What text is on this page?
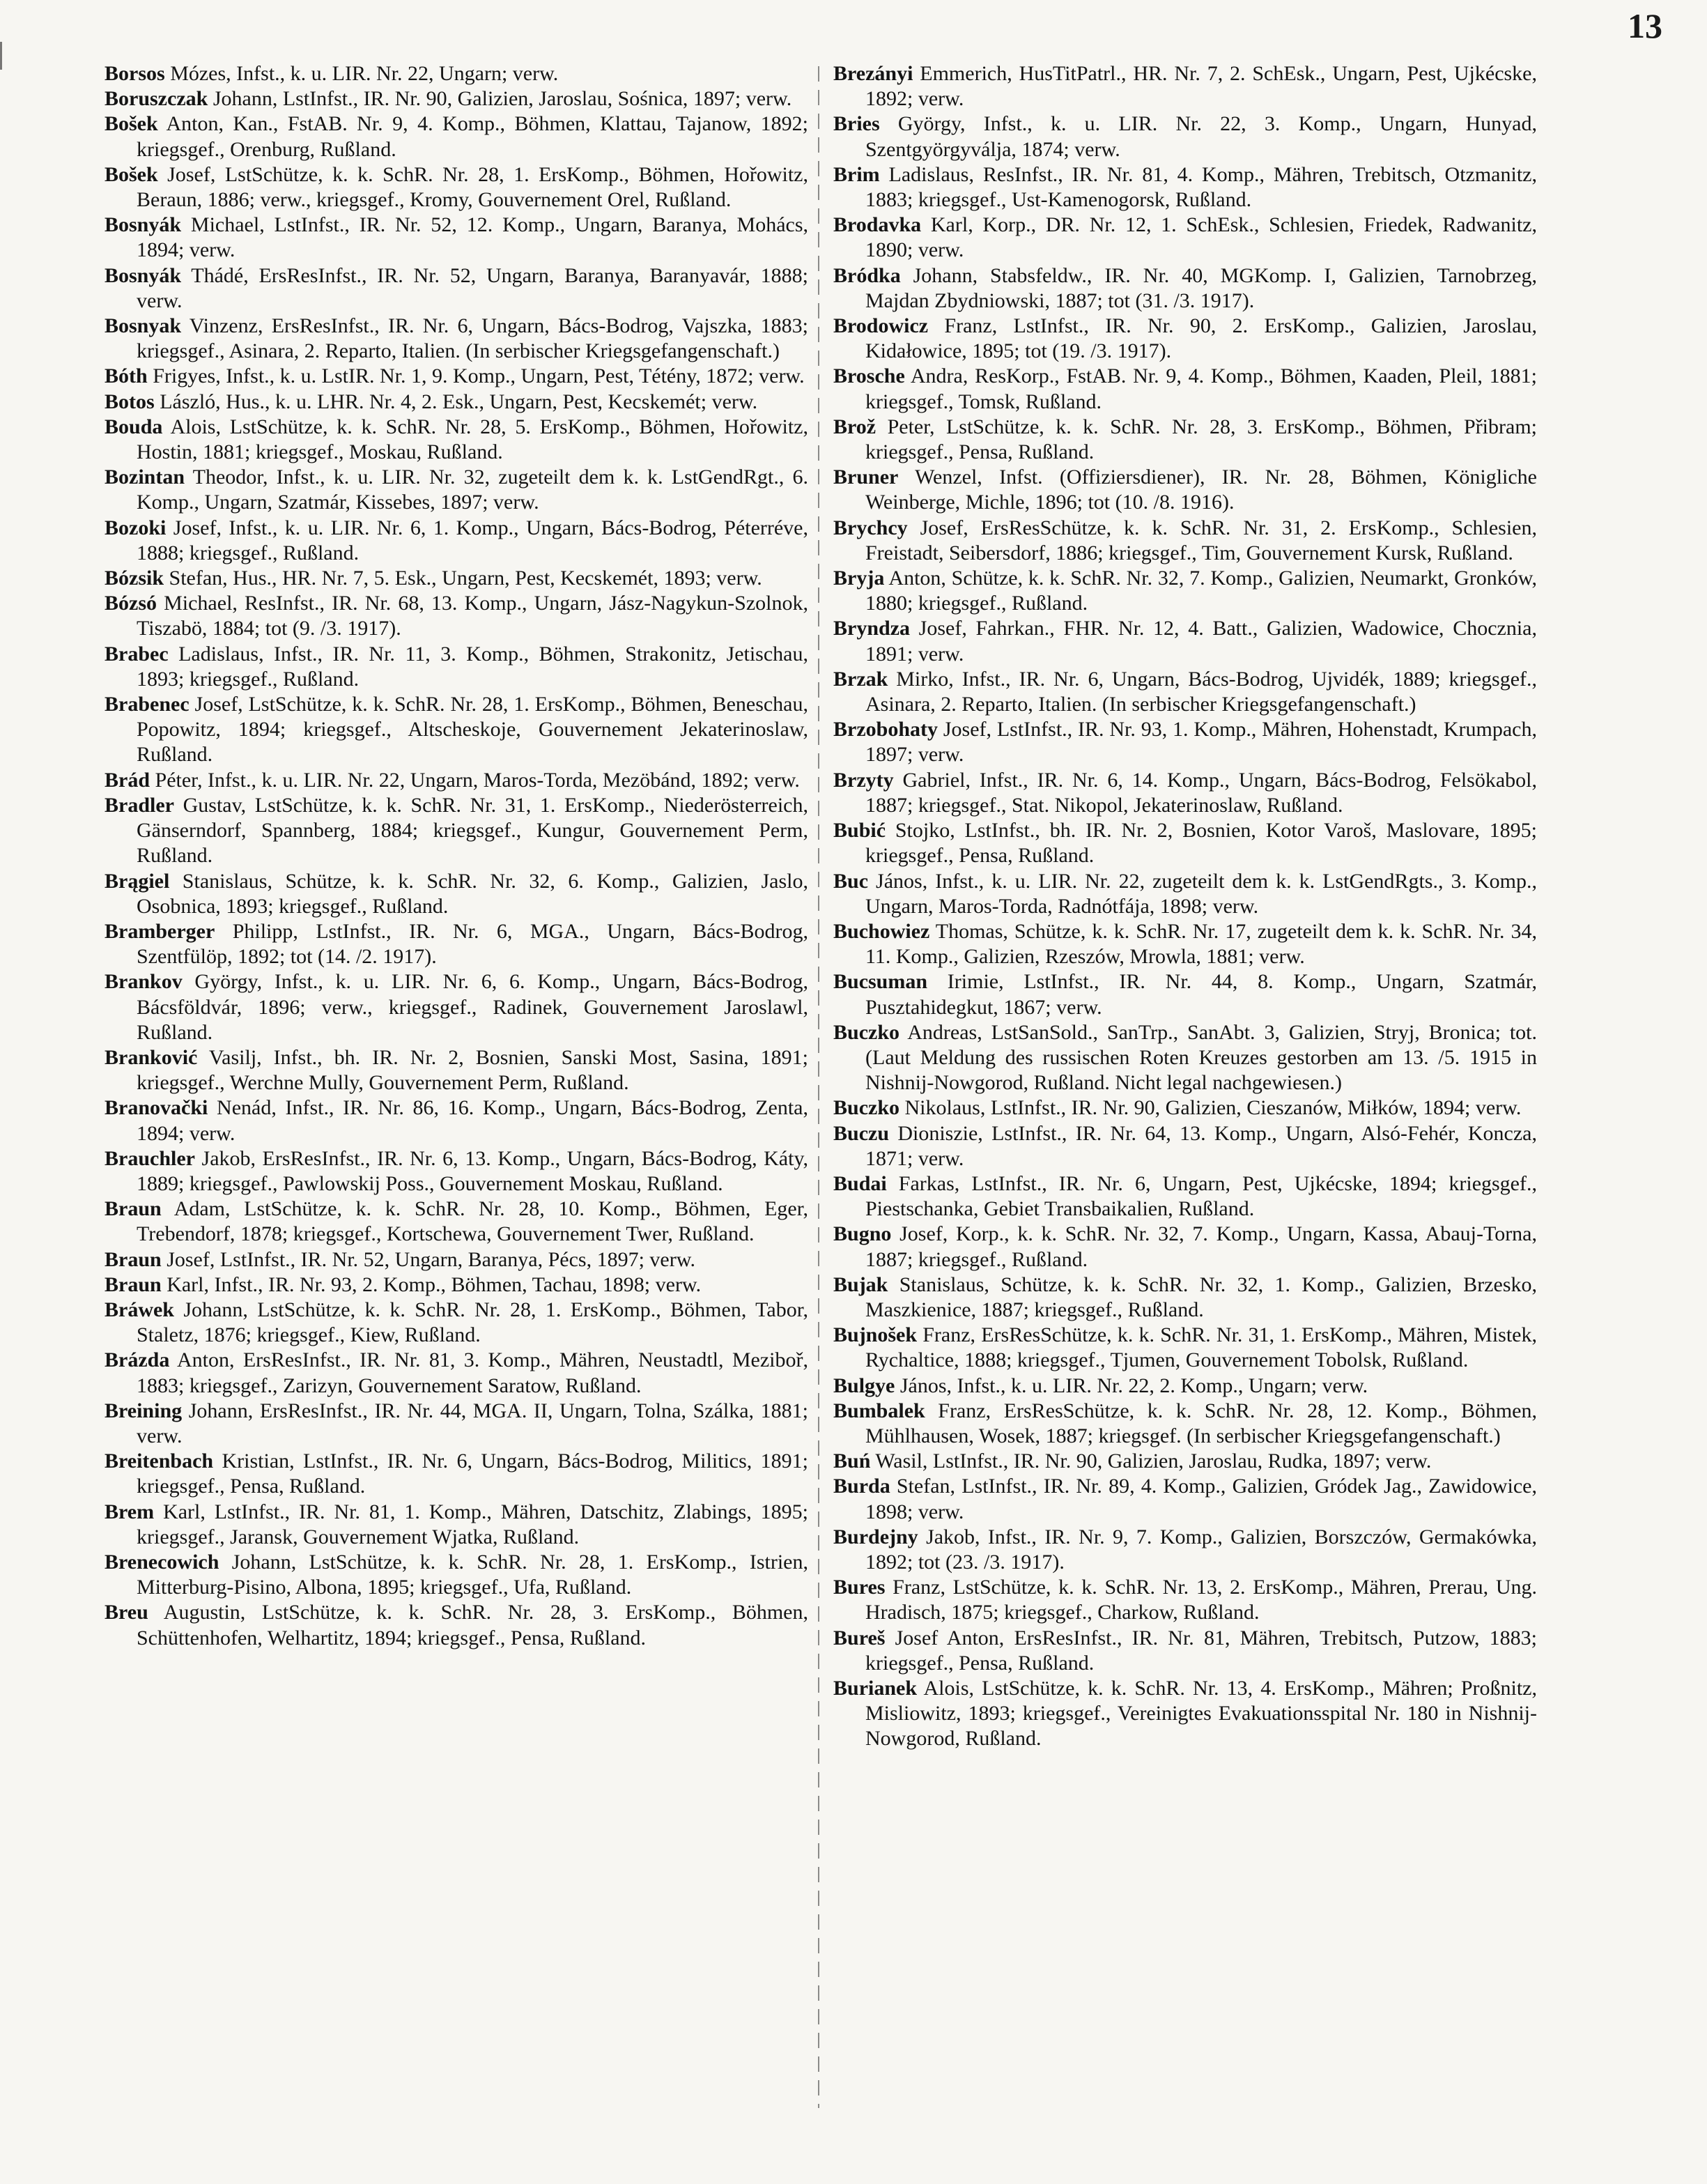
13
Borsos Mózes, Infst., k. u. LIR. Nr. 22, Ungarn; verw.
Boruszczak Johann, LstInfst., IR. Nr. 90, Galizien, Jaroslau, Sośnica, 1897; verw.
Bošek Anton, Kan., FstAB. Nr. 9, 4. Komp., Böhmen, Klattau, Tajanow, 1892; kriegsgef., Orenburg, Rußland.
Bošek Josef, LstSchütze, k. k. SchR. Nr. 28, 1. ErsKomp., Böhmen, Hořowitz, Beraun, 1886; verw., kriegsgef., Kromy, Gouvernement Orel, Rußland.
Bosnyák Michael, LstInfst., IR. Nr. 52, 12. Komp., Ungarn, Baranya, Mohács, 1894; verw.
Bosnyák Thádé, ErsResInfst., IR. Nr. 52, Ungarn, Baranya, Baranyavár, 1888; verw.
Bosnyak Vinzenz, ErsResInfst., IR. Nr. 6, Ungarn, Bács-Bodrog, Vajszka, 1883; kriegsgef., Asinara, 2. Reparto, Italien. (In serbischer Kriegsgefangenschaft.)
Bóth Frigyes, Infst., k. u. LstIR. Nr. 1, 9. Komp., Ungarn, Pest, Tétény, 1872; verw.
Botos László, Hus., k. u. LHR. Nr. 4, 2. Esk., Ungarn, Pest, Kecskemét; verw.
Bouda Alois, LstSchütze, k. k. SchR. Nr. 28, 5. ErsKomp., Böhmen, Hořowitz, Hostin, 1881; kriegsgef., Moskau, Rußland.
Bozintan Theodor, Infst., k. u. LIR. Nr. 32, zugeteilt dem k. k. LstGendRgt., 6. Komp., Ungarn, Szatmár, Kissebes, 1897; verw.
Bozoki Josef, Infst., k. u. LIR. Nr. 6, 1. Komp., Ungarn, Bács-Bodrog, Péterréve, 1888; kriegsgef., Rußland.
Bózsik Stefan, Hus., HR. Nr. 7, 5. Esk., Ungarn, Pest, Kecskemét, 1893; verw.
Bózsó Michael, ResInfst., IR. Nr. 68, 13. Komp., Ungarn, Jász-Nagykun-Szolnok, Tiszabö, 1884; tot (9. /3. 1917).
Brabec Ladislaus, Infst., IR. Nr. 11, 3. Komp., Böhmen, Strakonitz, Jetischau, 1893; kriegsgef., Rußland.
Brabenec Josef, LstSchütze, k. k. SchR. Nr. 28, 1. ErsKomp., Böhmen, Beneschau, Popowitz, 1894; kriegsgef., Altscheskoje, Gouvernement Jekaterinoslaw, Rußland.
Brád Péter, Infst., k. u. LIR. Nr. 22, Ungarn, Maros-Torda, Mezöbánd, 1892; verw.
Bradler Gustav, LstSchütze, k. k. SchR. Nr. 31, 1. ErsKomp., Niederösterreich, Gänserndorf, Spannberg, 1884; kriegsgef., Kungur, Gouvernement Perm, Rußland.
Brągiel Stanislaus, Schütze, k. k. SchR. Nr. 32, 6. Komp., Galizien, Jaslo, Osobnica, 1893; kriegsgef., Rußland.
Bramberger Philipp, LstInfst., IR. Nr. 6, MGA., Ungarn, Bács-Bodrog, Szentfülöp, 1892; tot (14. /2. 1917).
Brankov György, Infst., k. u. LIR. Nr. 6, 6. Komp., Ungarn, Bács-Bodrog, Bácsföldvár, 1896; verw., kriegsgef., Radinek, Gouvernement Jaroslawl, Rußland.
Branković Vasilj, Infst., bh. IR. Nr. 2, Bosnien, Sanski Most, Sasina, 1891; kriegsgef., Werchne Mully, Gouvernement Perm, Rußland.
Branovački Nenád, Infst., IR. Nr. 86, 16. Komp., Ungarn, Bács-Bodrog, Zenta, 1894; verw.
Brauchler Jakob, ErsResInfst., IR. Nr. 6, 13. Komp., Ungarn, Bács-Bodrog, Káty, 1889; kriegsgef., Pawlowskij Poss., Gouvernement Moskau, Rußland.
Braun Adam, LstSchütze, k. k. SchR. Nr. 28, 10. Komp., Böhmen, Eger, Trebendorf, 1878; kriegsgef., Kortschewa, Gouvernement Twer, Rußland.
Braun Josef, LstInfst., IR. Nr. 52, Ungarn, Baranya, Pécs, 1897; verw.
Braun Karl, Infst., IR. Nr. 93, 2. Komp., Böhmen, Tachau, 1898; verw.
Bráwek Johann, LstSchütze, k. k. SchR. Nr. 28, 1. ErsKomp., Böhmen, Tabor, Staletz, 1876; kriegsgef., Kiew, Rußland.
Brázda Anton, ErsResInfst., IR. Nr. 81, 3. Komp., Mähren, Neustadtl, Meziboř, 1883; kriegsgef., Zarizyn, Gouvernement Saratow, Rußland.
Breining Johann, ErsResInfst., IR. Nr. 44, MGA. II, Ungarn, Tolna, Szálka, 1881; verw.
Breitenbach Kristian, LstInfst., IR. Nr. 6, Ungarn, Bács-Bodrog, Militics, 1891; kriegsgef., Pensa, Rußland.
Brem Karl, LstInfst., IR. Nr. 81, 1. Komp., Mähren, Datschitz, Zlabings, 1895; kriegsgef., Jaransk, Gouvernement Wjatka, Rußland.
Brenecowich Johann, LstSchütze, k. k. SchR. Nr. 28, 1. ErsKomp., Istrien, Mitterburg-Pisino, Albona, 1895; kriegsgef., Ufa, Rußland.
Breu Augustin, LstSchütze, k. k. SchR. Nr. 28, 3. ErsKomp., Böhmen, Schüttenhofen, Welhartitz, 1894; kriegsgef., Pensa, Rußland.
Brezányi Emmerich, HusTitPatrl., HR. Nr. 7, 2. SchEsk., Ungarn, Pest, Ujkécske, 1892; verw.
Bries György, Infst., k. u. LIR. Nr. 22, 3. Komp., Ungarn, Hunyad, Szentgyörgyválja, 1874; verw.
Brim Ladislaus, ResInfst., IR. Nr. 81, 4. Komp., Mähren, Trebitsch, Otzmanitz, 1883; kriegsgef., Ust-Kamenogorsk, Rußland.
Brodavka Karl, Korp., DR. Nr. 12, 1. SchEsk., Schlesien, Friedek, Radwanitz, 1890; verw.
Bródka Johann, Stabsfeldw., IR. Nr. 40, MGKomp. I, Galizien, Tarnobrzeg, Majdan Zbydniowski, 1887; tot (31. /3. 1917).
Brodowicz Franz, LstInfst., IR. Nr. 90, 2. ErsKomp., Galizien, Jaroslau, Kidałowice, 1895; tot (19. /3. 1917).
Brosche Andra, ResKorp., FstAB. Nr. 9, 4. Komp., Böhmen, Kaaden, Pleil, 1881; kriegsgef., Tomsk, Rußland.
Brož Peter, LstSchütze, k. k. SchR. Nr. 28, 3. ErsKomp., Böhmen, Přibram; kriegsgef., Pensa, Rußland.
Bruner Wenzel, Infst. (Offiziersdiener), IR. Nr. 28, Böhmen, Königliche Weinberge, Michle, 1896; tot (10. /8. 1916).
Brychcy Josef, ErsResSchütze, k. k. SchR. Nr. 31, 2. ErsKomp., Schlesien, Freistadt, Seibersdorf, 1886; kriegsgef., Tim, Gouvernement Kursk, Rußland.
Bryja Anton, Schütze, k. k. SchR. Nr. 32, 7. Komp., Galizien, Neumarkt, Gronków, 1880; kriegsgef., Rußland.
Bryndza Josef, Fahrkan., FHR. Nr. 12, 4. Batt., Galizien, Wadowice, Chocznia, 1891; verw.
Brzak Mirko, Infst., IR. Nr. 6, Ungarn, Bács-Bodrog, Ujvidék, 1889; kriegsgef., Asinara, 2. Reparto, Italien. (In serbischer Kriegsgefangenschaft.)
Brzobohaty Josef, LstInfst., IR. Nr. 93, 1. Komp., Mähren, Hohenstadt, Krumpach, 1897; verw.
Brzyty Gabriel, Infst., IR. Nr. 6, 14. Komp., Ungarn, Bács-Bodrog, Felsökabol, 1887; kriegsgef., Stat. Nikopol, Jekaterinoslaw, Rußland.
Bubić Stojko, LstInfst., bh. IR. Nr. 2, Bosnien, Kotor Varoš, Maslovare, 1895; kriegsgef., Pensa, Rußland.
Buc János, Infst., k. u. LIR. Nr. 22, zugeteilt dem k. k. LstGendRgts., 3. Komp., Ungarn, Maros-Torda, Radnótfája, 1898; verw.
Buchowiez Thomas, Schütze, k. k. SchR. Nr. 17, zugeteilt dem k. k. SchR. Nr. 34, 11. Komp., Galizien, Rzeszów, Mrowla, 1881; verw.
Bucsuman Irimie, LstInfst., IR. Nr. 44, 8. Komp., Ungarn, Szatmár, Pusztahidegkut, 1867; verw.
Buczko Andreas, LstSanSold., SanTrp., SanAbt. 3, Galizien, Stryj, Bronica; tot. (Laut Meldung des russischen Roten Kreuzes gestorben am 13. /5. 1915 in Nishnij-Nowgorod, Rußland. Nicht legal nachgewiesen.)
Buczko Nikolaus, LstInfst., IR. Nr. 90, Galizien, Cieszanów, Miłków, 1894; verw.
Buczu Dioniszie, LstInfst., IR. Nr. 64, 13. Komp., Ungarn, Alsó-Fehér, Koncza, 1871; verw.
Budai Farkas, LstInfst., IR. Nr. 6, Ungarn, Pest, Ujkécske, 1894; kriegsgef., Piestschanka, Gebiet Transbaikalien, Rußland.
Bugno Josef, Korp., k. k. SchR. Nr. 32, 7. Komp., Ungarn, Kassa, Abauj-Torna, 1887; kriegsgef., Rußland.
Bujak Stanislaus, Schütze, k. k. SchR. Nr. 32, 1. Komp., Galizien, Brzesko, Maszkienice, 1887; kriegsgef., Rußland.
Bujnošek Franz, ErsResSchütze, k. k. SchR. Nr. 31, 1. ErsKomp., Mähren, Mistek, Rychaltice, 1888; kriegsgef., Tjumen, Gouvernement Tobolsk, Rußland.
Bulgye János, Infst., k. u. LIR. Nr. 22, 2. Komp., Ungarn; verw.
Bumbalek Franz, ErsResSchütze, k. k. SchR. Nr. 28, 12. Komp., Böhmen, Mühlhausen, Wosek, 1887; kriegsgef. (In serbischer Kriegsgefangenschaft.)
Buń Wasil, LstInfst., IR. Nr. 90, Galizien, Jaroslau, Rudka, 1897; verw.
Burda Stefan, LstInfst., IR. Nr. 89, 4. Komp., Galizien, Gródek Jag., Zawidowice, 1898; verw.
Burdejny Jakob, Infst., IR. Nr. 9, 7. Komp., Galizien, Borszczów, Germakówka, 1892; tot (23. /3. 1917).
Bures Franz, LstSchütze, k. k. SchR. Nr. 13, 2. ErsKomp., Mähren, Prerau, Ung. Hradisch, 1875; kriegsgef., Charkow, Rußland.
Bureš Josef Anton, ErsResInfst., IR. Nr. 81, Mähren, Trebitsch, Putzow, 1883; kriegsgef., Pensa, Rußland.
Burianek Alois, LstSchütze, k. k. SchR. Nr. 13, 4. ErsKomp., Mähren; Proßnitz, Misliowitz, 1893; kriegsgef., Vereinigtes Evakuationsspital Nr. 180 in Nishnij-Nowgorod, Rußland.
